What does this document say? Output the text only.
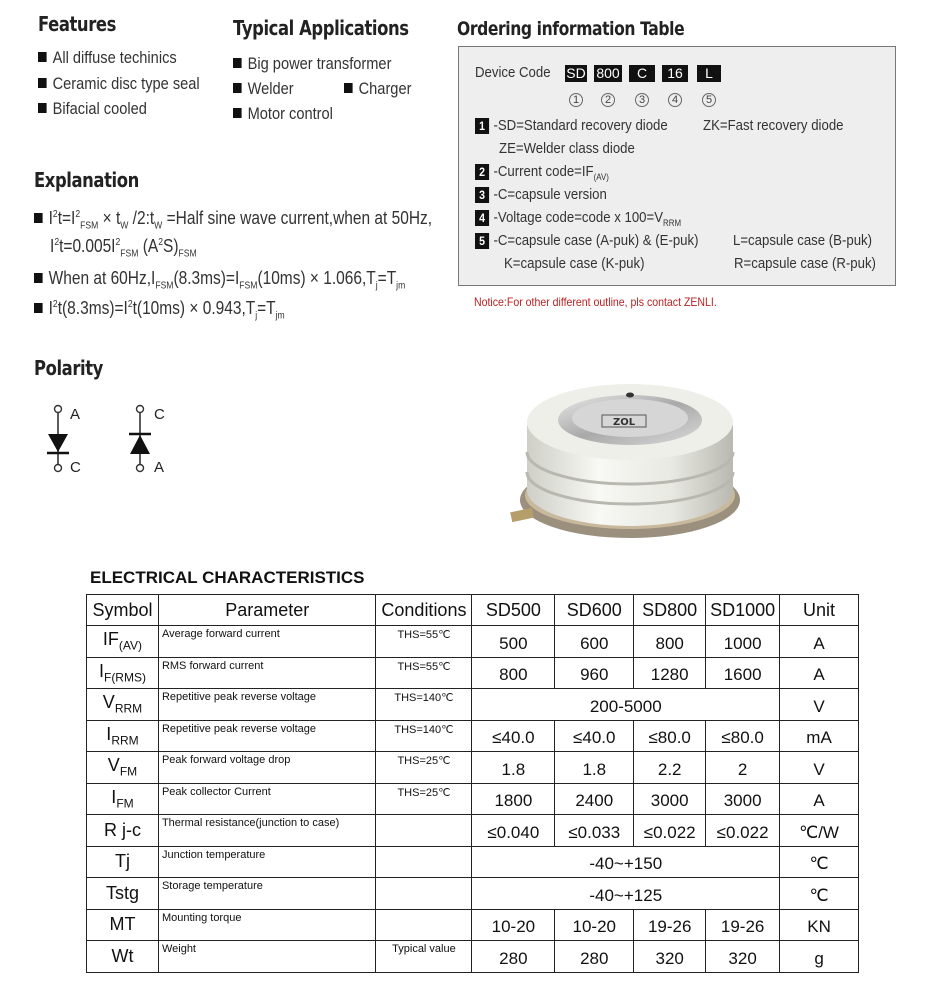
Features
All diffuse techinics
Ceramic disc type seal
Bifacial cooled
Typical Applications
Big power transformer
Welder	Charger
Motor control
Ordering information Table
Device Code SD 800	C	16	L
1	2	3	4	5
1 -SD=Standard recovery diode ZK=Fast recovery diode
ZE=Welder class diode
2 -Current $code=IF_{(AV)}$
3 -C=capsule version
4 -Voltage code=code x $100=V_{RRM}$
5 -C=capsule case (A-puk) & (E-puk) L=capsule case (B-puk)
K=capsule case (K-puk)	R=capsule case (R-puk)
Notice:For other different outline, pls contact ZENLI.
Explanation
$I^2t=I^2_{FSM} \times t_W$ $/2:t_W$ =Half sine wave current,when at 50Hz,
$I^2t=0.005I^2_{FSM}$ $(A^2S)_{FSM}$
When at $60Hz,I_{FSM}(8.3ms)=I_{FSM}(10ms) \times 1.066,T_j=T_{jm}$
$I^2t(8.3ms)=I^2t(10ms) \times 0.943,T_j=T_{jm}$
Polarity
A
C
C
A
ZOL
ELECTRICAL CHARACTERISTICS
Symbol	Parameter	Conditions	SD500	SD600	SD800	SD1000	Unit
$IF_{(AV)}$	Average forward current	THS=55℃	500	600	800	1000	A
$I_{F(RMS)}$	RMS forward current	THS=55℃	800	960	1280	1600	A
$V_{RRM}$	Repetitive peak reverse voltage	THS=140℃	200-5000				V
$I_{RRM}$	Repetitive peak reverse voltage	THS=140℃	≤40.0	≤40.0	≤80.0	≤80.0	mA
$V_{FM}$	Peak forward voltage drop	THS=25℃	1.8	1.8	2.2	2	V
$I_{FM}$	Peak collector Current	THS=25℃	1800	2400	3000	3000	A
R j-c	Thermal resistance(junction to case)		≤0.040	≤0.033	≤0.022	≤0.022	℃/W
Tj	Junction temperature		-40~+150				℃
Tstg	Storage temperature		-40~+125				℃
MT	Mounting torque		10-20	10-20	19-26	19-26	KN
Wt	Weight	Typical value	280	280	320	320	g
